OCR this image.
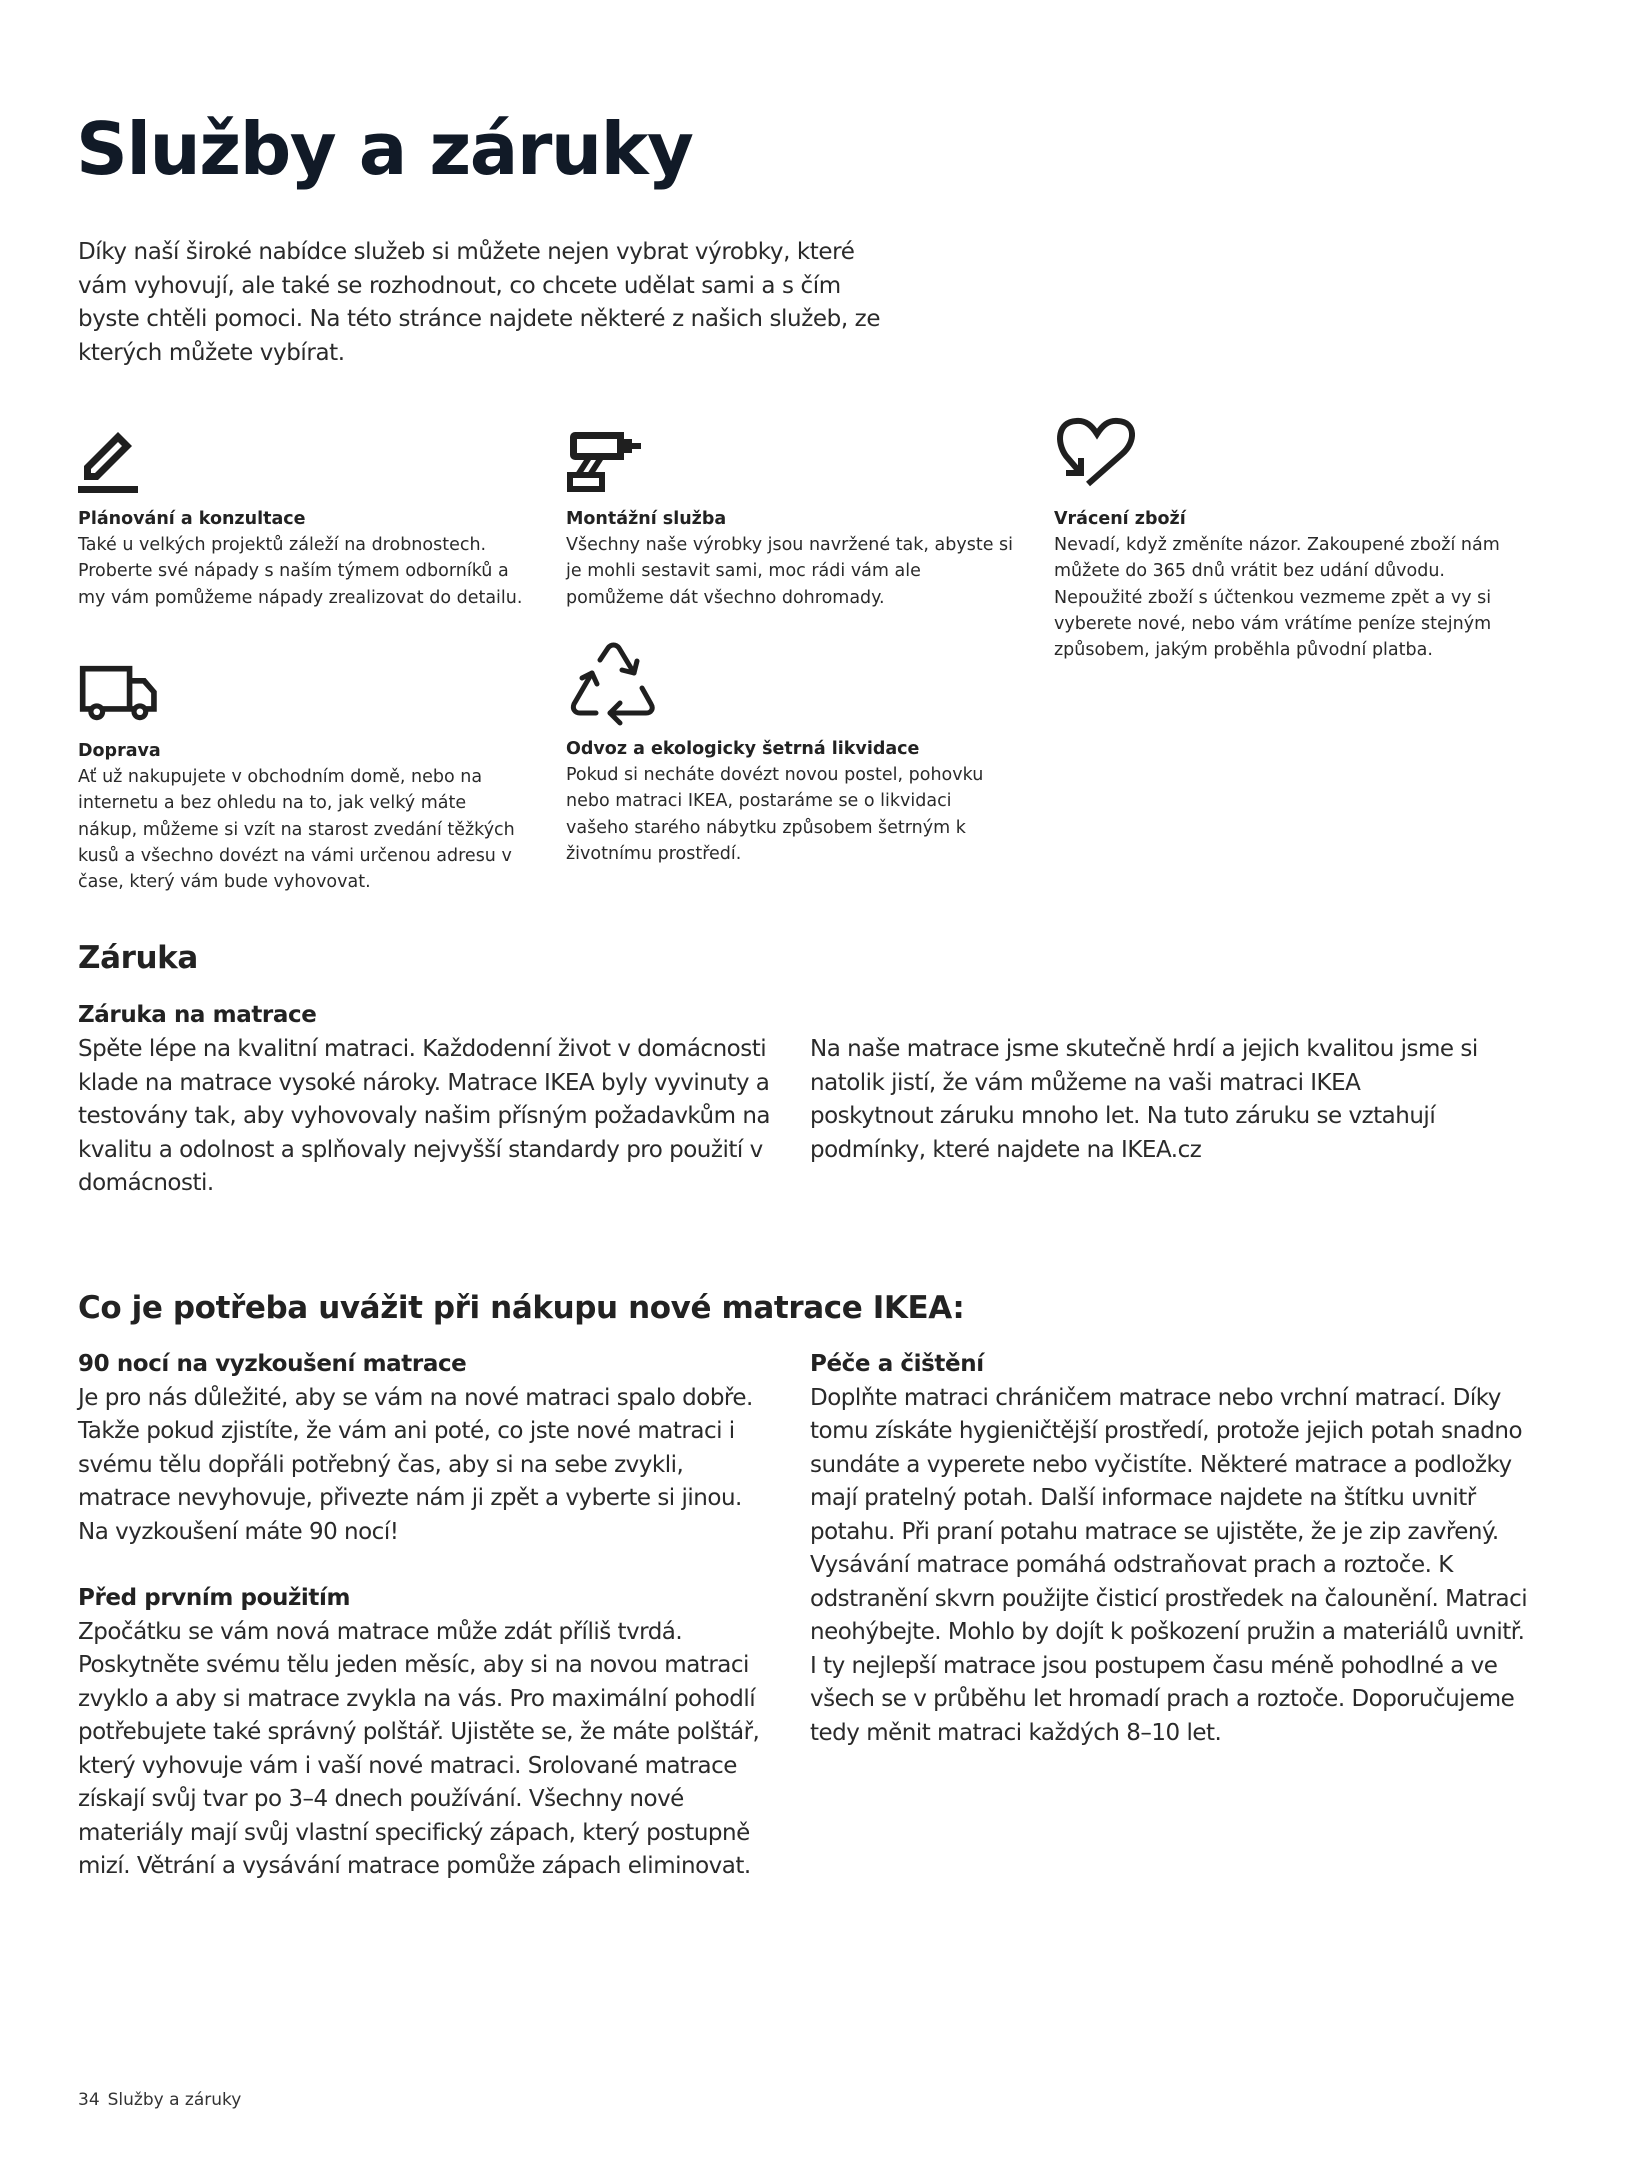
Služby a záruky

Díky naší široké nabídce služeb si můžete nejen vybrat výrobky, které vám vyhovují, ale také se rozhodnout, co chcete udělat sami a s čím byste chtěli pomoci. Na této stránce najdete některé z našich služeb, ze kterých můžete vybírat.

Plánování a konzultace

Také u velkých projektů záleží na drobnostech. Proberte své nápady s naším týmem odborníků a my vám pomůžeme nápady zrealizovat do detailu.

Montážní služba

Všechny naše výrobky jsou navržené tak, abyste si je mohli sestavit sami, moc rádi vám ale pomůžeme dát všechno dohromady.

Vrácení zboží

Nevadí, když změníte názor. Zakoupené zboží nám můžete do 365 dnů vrátit bez udání důvodu. Nepoužité zboží s účtenkou vezmeme zpět a vy si vyberete nové, nebo vám vrátíme peníze stejným způsobem, jakým proběhla původní platba.

Doprava

Ať už nakupujete v obchodním domě, nebo na internetu a bez ohledu na to, jak velký máte nákup, můžeme si vzít na starost zvedání těžkých kusů a všechno dovézt na vámi určenou adresu v čase, který vám bude vyhovovat.

Odvoz a ekologicky šetrná likvidace

Pokud si necháte dovézt novou postel, pohovku nebo matraci IKEA, postaráme se o likvidaci vašeho starého nábytku způsobem šetrným k životnímu prostředí.

Záruka
Záruka na matrace

Spěte lépe na kvalitní matraci. Každodenní život v domácnosti klade na matrace vysoké nároky. Matrace IKEA byly vyvinuty a testovány tak, aby vyhovovaly našim přísným požadavkům na kvalitu a odolnost a splňovaly nejvyšší standardy pro použití v domácnosti.

Na naše matrace jsme skutečně hrdí a jejich kvalitou jsme si natolik jistí, že vám můžeme na vaši matraci IKEA poskytnout záruku mnoho let. Na tuto záruku se vztahují podmínky, které najdete na IKEA.cz

Co je potřeba uvážit při nákupu nové matrace IKEA:
90 nocí na vyzkoušení matrace

Je pro nás důležité, aby se vám na nové matraci spalo dobře. Takže pokud zjistíte, že vám ani poté, co jste nové matraci i svému tělu dopřáli potřebný čas, aby si na sebe zvykli, matrace nevyhovuje, přivezte nám ji zpět a vyberte si jinou. Na vyzkoušení máte 90 nocí!

Před prvním použitím

Zpočátku se vám nová matrace může zdát příliš tvrdá. Poskytněte svému tělu jeden měsíc, aby si na novou matraci zvyklo a aby si matrace zvykla na vás. Pro maximální pohodlí potřebujete také správný polštář. Ujistěte se, že máte polštář, který vyhovuje vám i vaší nové matraci. Srolované matrace získají svůj tvar po 3–4 dnech používání. Všechny nové materiály mají svůj vlastní specifický zápach, který postupně mizí. Větrání a vysávání matrace pomůže zápach eliminovat.

Péče a čištění

Doplňte matraci chráničem matrace nebo vrchní matrací. Díky tomu získáte hygieničtější prostředí, protože jejich potah snadno sundáte a vyperete nebo vyčistíte. Některé matrace a podložky mají pratelný potah. Další informace najdete na štítku uvnitř potahu. Při praní potahu matrace se ujistěte, že je zip zavřený. Vysávání matrace pomáhá odstraňovat prach a roztoče. K odstranění skvrn použijte čisticí prostředek na čalounění. Matraci neohýbejte. Mohlo by dojít k poškození pružin a materiálů uvnitř. I ty nejlepší matrace jsou postupem času méně pohodlné a ve všech se v průběhu let hromadí prach a roztoče. Doporučujeme tedy měnit matraci každých 8–10 let.

34 Služby a záruky
